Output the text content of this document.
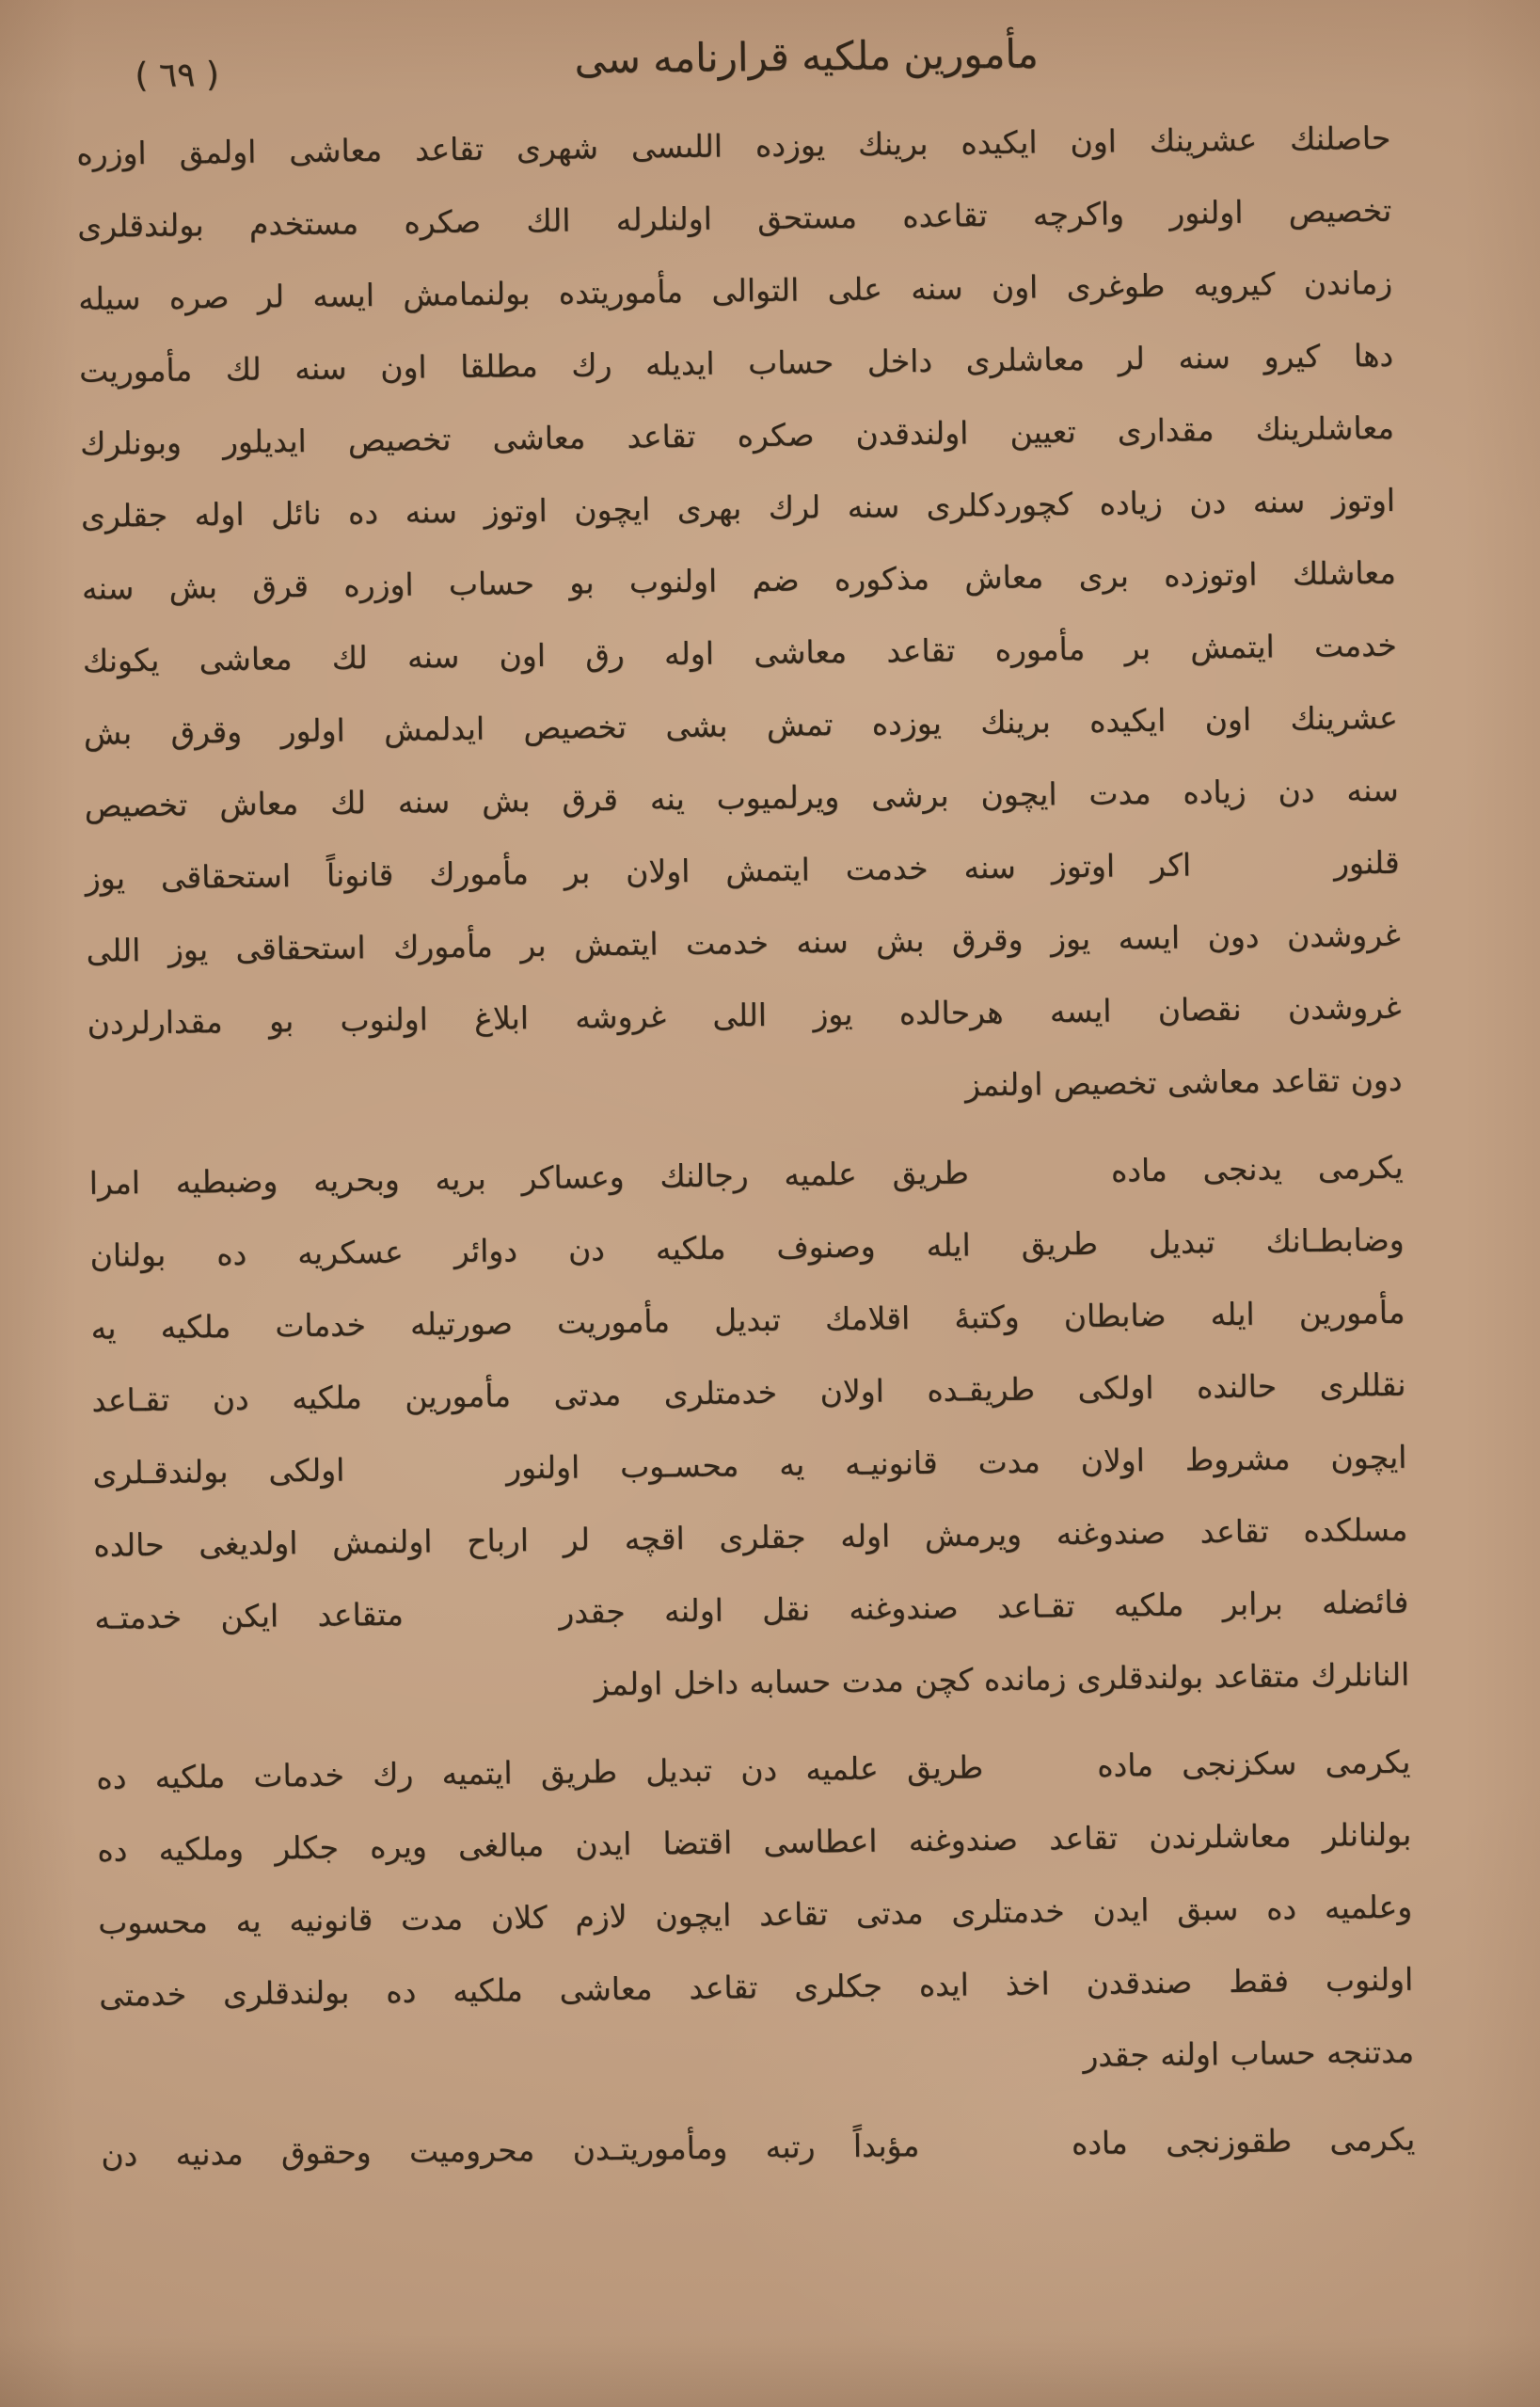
مأمورين ملكيه قرارنامه سى
( ٦٩ )
حاصلنك عشرينك اون ايكيده برينك يوزده اللىسى شهرى تقاعد معاشى اولمق اوزره
تخصيص اولنور واكرچه تقاعده مستحق اولنلرله الك صكره مستخدم بولندقلرى
زماندن كيرويه طوغرى اون سنه على التوالى مأموريتده بولنمامش ايسه لر صره سيله
دها كيرو سنه لر معاشلرى داخل حساب ايديله رك مطلقا اون سنه لك مأموريت
معاشلرينك مقدارى تعيين اولندقدن صكره تقاعد معاشى تخصيص ايديلور وبونلرك
اوتوز سنه دن زياده كچوردكلرى سنه لرك بهرى ايچون اوتوز سنه ده نائل اوله جقلرى
معاشلك اوتوزده برى معاش مذكوره ضم اولنوب بو حساب اوزره قرق بش سنه
خدمت ايتمش بر مأموره تقاعد معاشى اوله رق اون سنه لك معاشى يكونك
عشرينك اون ايكيده برينك يوزده تمش بشى تخصيص ايدلمش اولور وقرق بش
سنه دن زياده مدت ايچون برشى ويرلميوب ينه قرق بش سنه لك معاش تخصيص
قلنور    اكر اوتوز سنه خدمت ايتمش اولان بر مأمورك قانوناً استحقاقى يوز
غروشدن دون ايسه يوز وقرق بش سنه خدمت ايتمش بر مأمورك استحقاقى يوز اللى
غروشدن نقصان ايسه هرحالده يوز اللى غروشه ابلاغ اولنوب بو مقدارلردن
دون تقاعد معاشى تخصيص اولنمز
يكرمى يدنجى ماده    طريق علميه رجالنك وعساكر بريه وبحريه وضبطيه امرا
وضابطـانك تبديل طريق ايله وصنوف ملكيه دن دوائر عسكريه ده بولنان
مأمورين ايله ضابطان وكتبهٔ اقلامك تبديل مأموريت صورتيله خدمات ملكيه يه
نقللرى حالنده اولكى طريقـده اولان خدمتلرى مدتى مأمورين ملكيه دن تقـاعد
ايچون مشروط اولان مدت قانونيـه يه محسـوب اولنور    اولكى بولندقـلرى
مسلكده تقاعد صندوغنه ويرمش اوله جقلرى اقچه لر ارباح اولنمش اولديغى حالده
فائضله برابر ملكيه تقـاعد صندوغنه نقل اولنه جقدر    متقاعد ايكن خدمتـه
النانلرك متقاعد بولندقلرى زمانده كچن مدت حسابه داخل اولمز
يكرمى سكزنجى ماده    طريق علميه دن تبديل طريق ايتميه رك خدمات ملكيه ده
بولنانلر معاشلرندن تقاعد صندوغنه اعطاسى اقتضا ايدن مبالغى ويره جكلر وملكيه ده
وعلميه ده سبق ايدن خدمتلرى مدتى تقاعد ايچون لازم كلان مدت قانونيه يه محسوب
اولنوب فقط صندقدن اخذ ايده جكلرى تقاعد معاشى ملكيه ده بولندقلرى خدمتى
مدتنجه حساب اولنه جقدر
يكرمى طقوزنجى ماده    مؤبداً رتبه ومأموريتـدن محروميت وحقوق مدنيه دن
